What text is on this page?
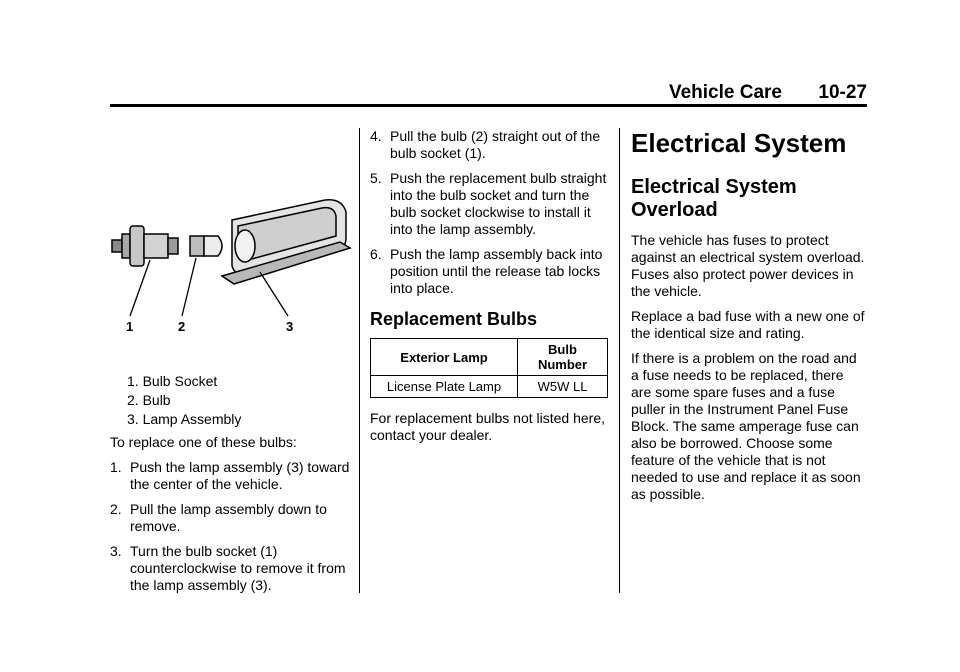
Vehicle Care 10-27
1	2	3
1. Bulb Socket
2. Bulb
3. Lamp Assembly

To replace one of these bulbs:

1. Push the lamp assembly (3) toward the center of the vehicle.
2. Pull the lamp assembly down to remove.
3. Turn the bulb socket (1) counterclockwise to remove it from the lamp assembly (3).
4. Pull the bulb (2) straight out of the bulb socket (1).
5. Push the replacement bulb straight into the bulb socket and turn the bulb socket clockwise to install it into the lamp assembly.
6. Push the lamp assembly back into position until the release tab locks into place.
Replacement Bulbs
Exterior Lamp	Bulb Number
License Plate Lamp	W5W LL

For replacement bulbs not listed here, contact your dealer.

Electrical System
Electrical System Overload

The vehicle has fuses to protect against an electrical system overload. Fuses also protect power devices in the vehicle.

Replace a bad fuse with a new one of the identical size and rating.

If there is a problem on the road and a fuse needs to be replaced, there are some spare fuses and a fuse puller in the Instrument Panel Fuse Block. The same amperage fuse can also be borrowed. Choose some feature of the vehicle that is not needed to use and replace it as soon as possible.
